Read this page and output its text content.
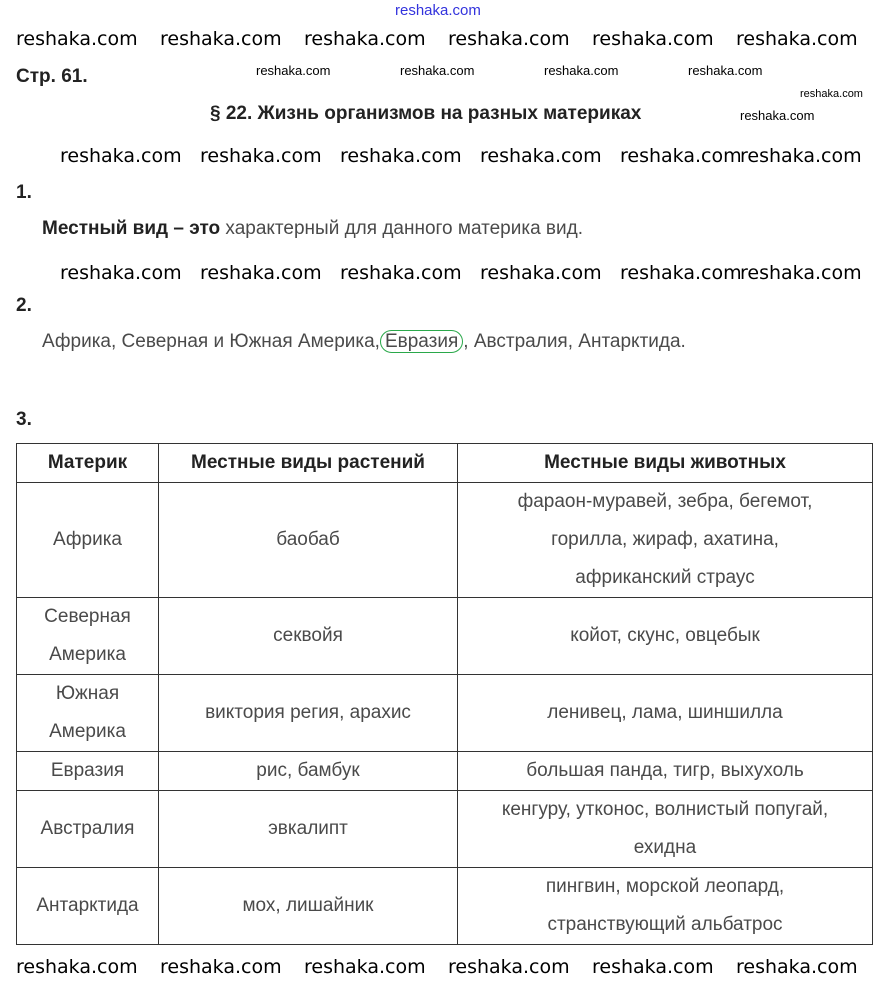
Стр. 61.
§ 22. Жизнь организмов на разных материках
1.
Местный вид – это характерный для данного материка вид.
2.
Африка, Северная и Южная Америка, Евразия , Австралия, Антарктида.
3.
Материк	Местные виды растений	Местные виды животных

Африка	баобаб	фараон-муравей, зебра, бегемот,
горилла, жираф, ахатина,
африканский страус

Северная
Америка	секвойя	койот, скунс, овцебык

Южная
Америка	виктория регия, арахис	ленивец, лама, шиншилла

Евразия	рис, бамбук	большая панда, тигр, выхухоль

Австралия	эвкалипт	кенгуру, утконос, волнистый попугай,
ехидна

Антарктида	мох, лишайник	пингвин, морской леопард,
странствующий альбатрос
reshaka.com
reshaka.com	reshaka.com	reshaka.com	reshaka.com
reshaka.com
reshaka.com
reshaka.com reshaka.com reshaka.com reshaka.com reshaka.com reshaka.com
reshaka.com reshaka.com reshaka.com reshaka.com reshaka.com
reshaka.com
reshaka.com reshaka.com reshaka.com reshaka.com reshaka.com
reshaka.com
reshaka.com reshaka.com reshaka.com reshaka.com reshaka.com reshaka.com
